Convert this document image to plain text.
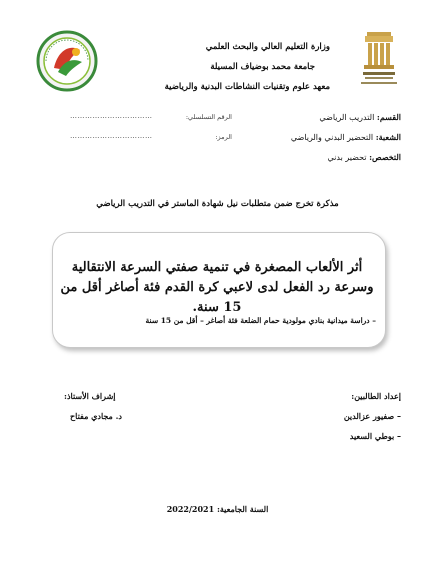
وزارة التعليم العالي والبحث العلمي
جامعة محمد بوضياف المسيلة
معهد علوم وتقنيات النشاطات البدنية والرياضية
القسم: التدريب الرياضي
الشعبة: التحضير البدني والرياضي
التخصص: تحضير بدني
الرقم التسلسلي:
……………………………
الرمز:
……………………………
مذكرة تخرج ضمن متطلبات نيل شهادة الماستر في التدريب الرياضي
أثر الألعاب المصغرة في تنمية صفتي السرعة الانتقالية وسرعة رد الفعل لدى لاعبي كرة القدم فئة أصاغر أقل من 15 سنة.
– دراسة ميدانية بنادي مولودية حمام الضلعة فئة أصاغر – أقل من 15 سنة
إعداد الطالبين:
– صفيور عزالدين
– بوطي السعيد
إشراف الأستاذ:
د. مجادي مفتاح
السنة الجامعية: 2022/2021
